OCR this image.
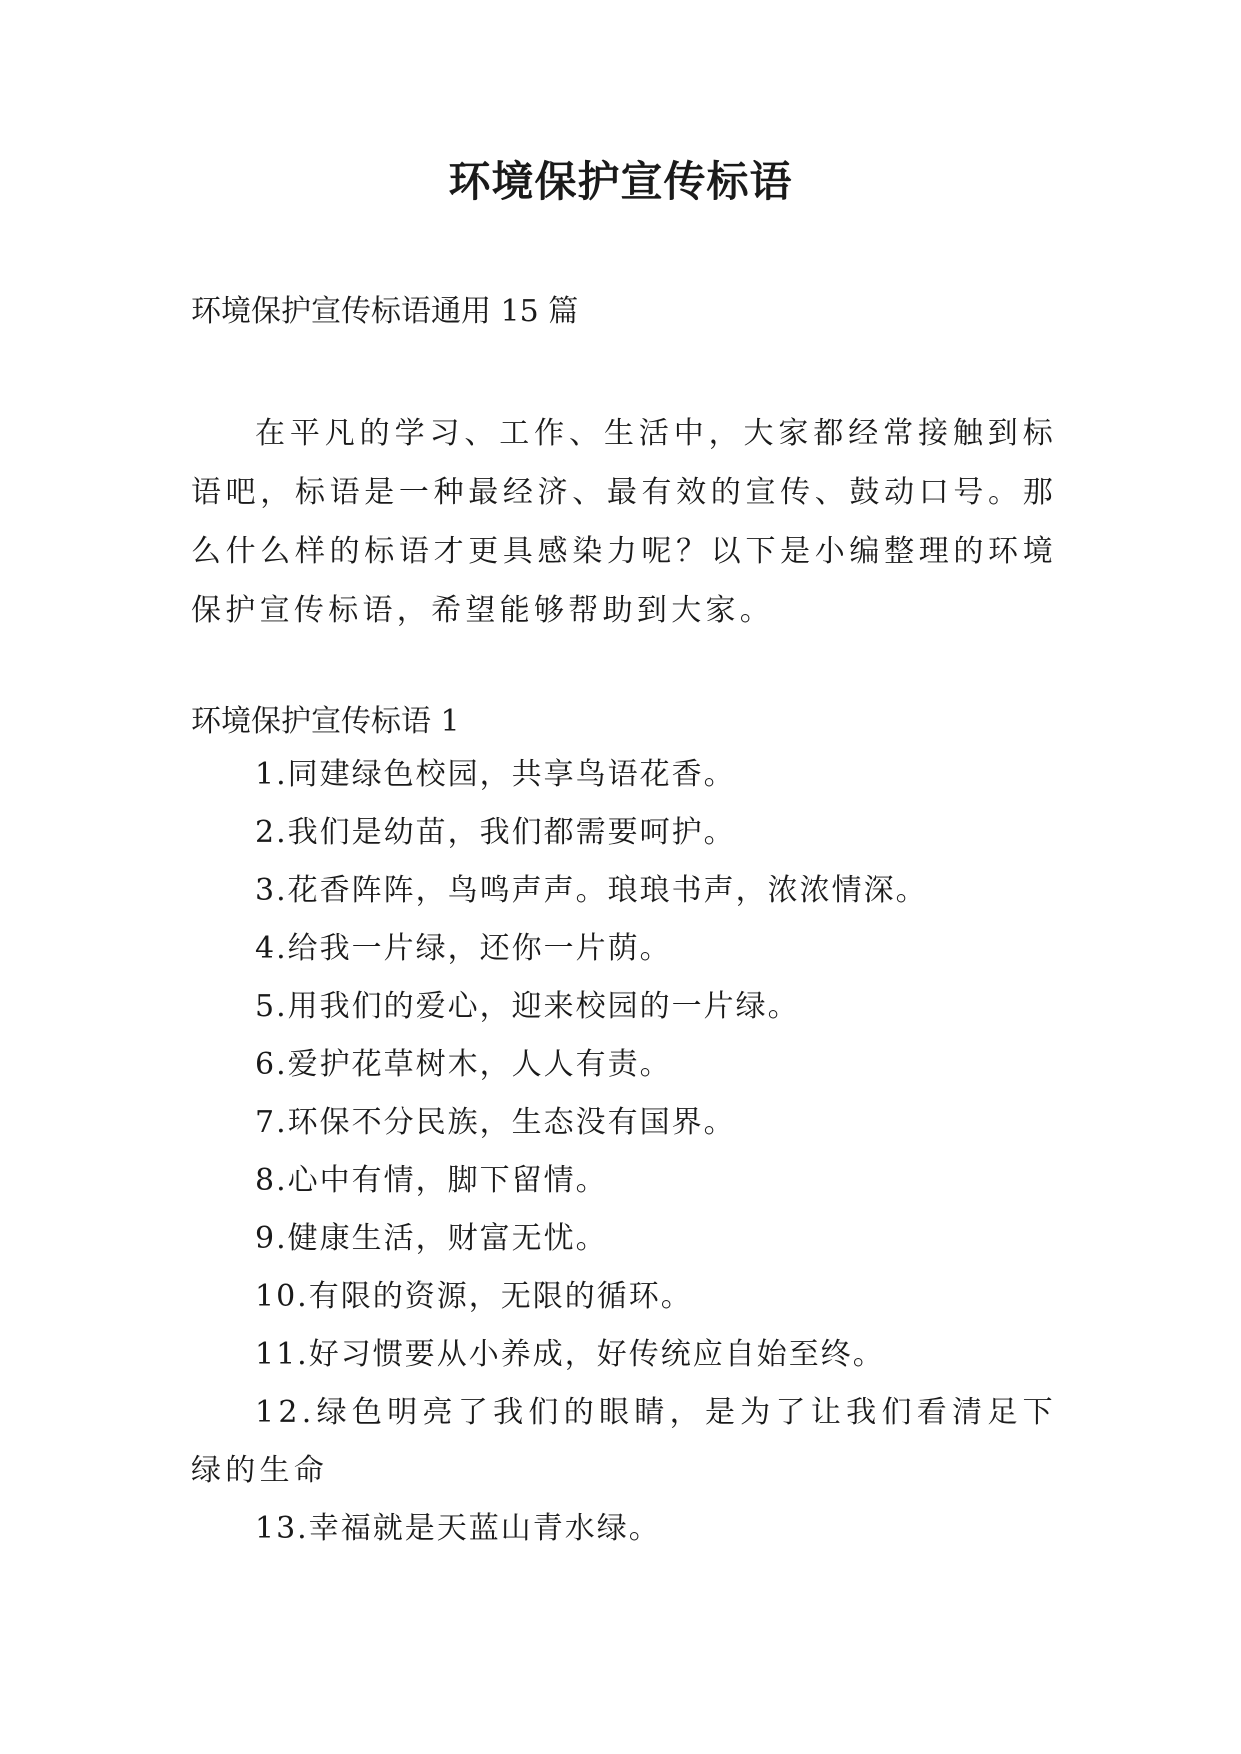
环境保护宣传标语
环境保护宣传标语通用 15 篇

在平凡的学习、工作、生活中，大家都经常接触到标语吧，标语是一种最经济、最有效的宣传、鼓动口号。那么什么样的标语才更具感染力呢？以下是小编整理的环境保护宣传标语，希望能够帮助到大家。

环境保护宣传标语 1
1.同建绿色校园，共享鸟语花香。
2.我们是幼苗，我们都需要呵护。
3.花香阵阵，鸟鸣声声。琅琅书声，浓浓情深。
4.给我一片绿，还你一片荫。
5.用我们的爱心，迎来校园的一片绿。
6.爱护花草树木，人人有责。
7.环保不分民族，生态没有国界。
8.心中有情，脚下留情。
9.健康生活，财富无忧。
10.有限的资源，无限的循环。
11.好习惯要从小养成，好传统应自始至终。
12.绿色明亮了我们的眼睛，是为了让我们看清足下绿的生命
13.幸福就是天蓝山青水绿。
